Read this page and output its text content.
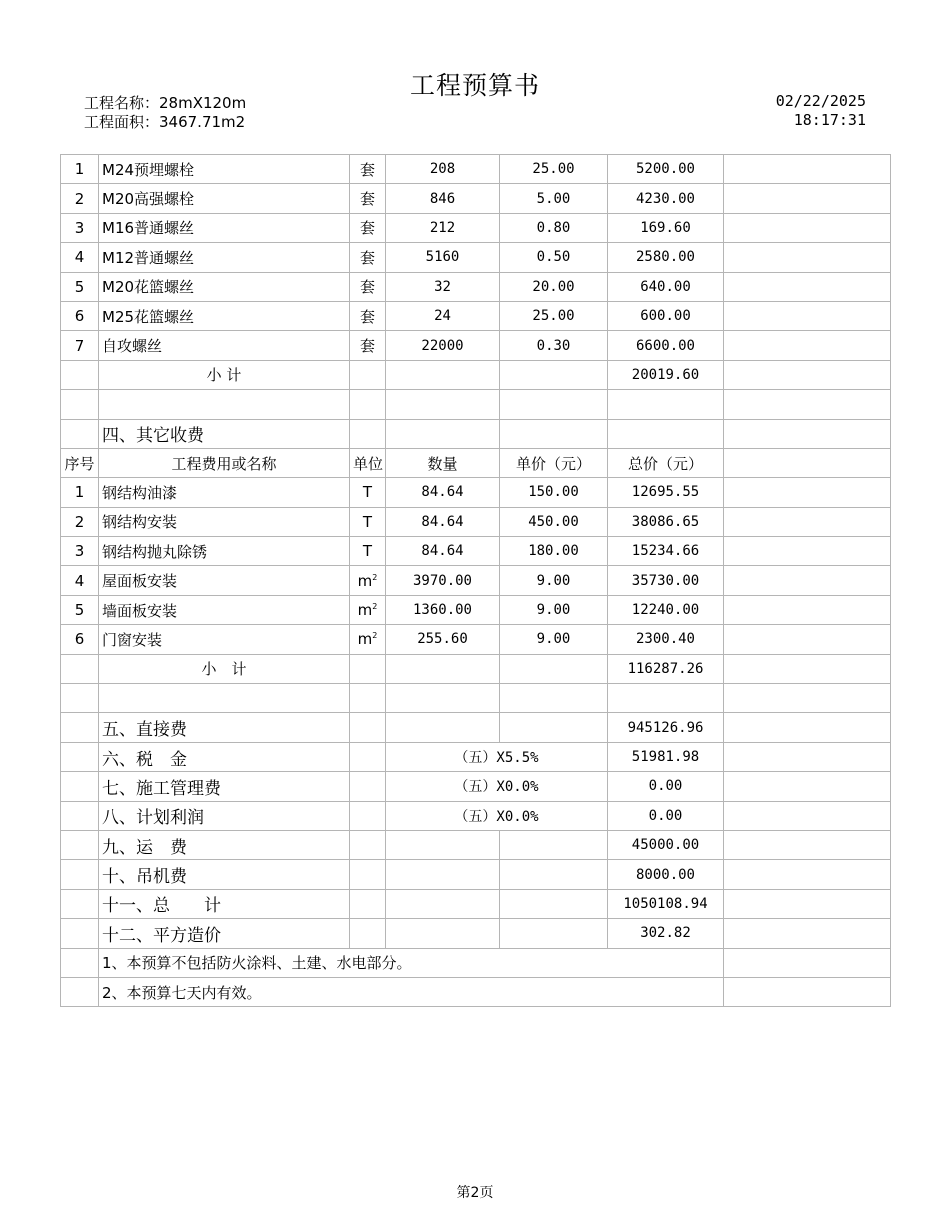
工程预算书
工程名称：28mX120m
工程面积：3467.71m2
02/22/2025
18:17:31
1	M24预埋螺栓	套	208	25.00	5200.00	
2	M20高强螺栓	套	846	5.00	4230.00	
3	M16普通螺丝	套	212	0.80	169.60	
4	M12普通螺丝	套	5160	0.50	2580.00	
5	M20花篮螺丝	套	32	20.00	640.00	
6	M25花篮螺丝	套	24	25.00	600.00	
7	自攻螺丝	套	22000	0.30	6600.00	
	小 计				20019.60	

	四、其它收费					
序号	工程费用或名称	单位	数量	单价（元）	总价（元）	
1	钢结构油漆	T	84.64	150.00	12695.55	
2	钢结构安装	T	84.64	450.00	38086.65	
3	钢结构抛丸除锈	T	84.64	180.00	15234.66	
4	屋面板安装	$m^2$	3970.00	9.00	35730.00	
5	墙面板安装	$m^2$	1360.00	9.00	12240.00	
6	门窗安装	$m^2$	255.60	9.00	2300.40	
	小　计				116287.26	

	五、直接费				945126.96	
	六、税　金		（五）X5.5%		51981.98	
	七、施工管理费		（五）X0.0%		0.00	
	八、计划利润		（五）X0.0%		0.00	
	九、运　费				45000.00	
	十、吊机费				8000.00	
	十一、总　　计				1050108.94	
	十二、平方造价				302.82	
	1、本预算不包括防火涂料、土建、水电部分。					
	2、本预算七天内有效。					
第2页
